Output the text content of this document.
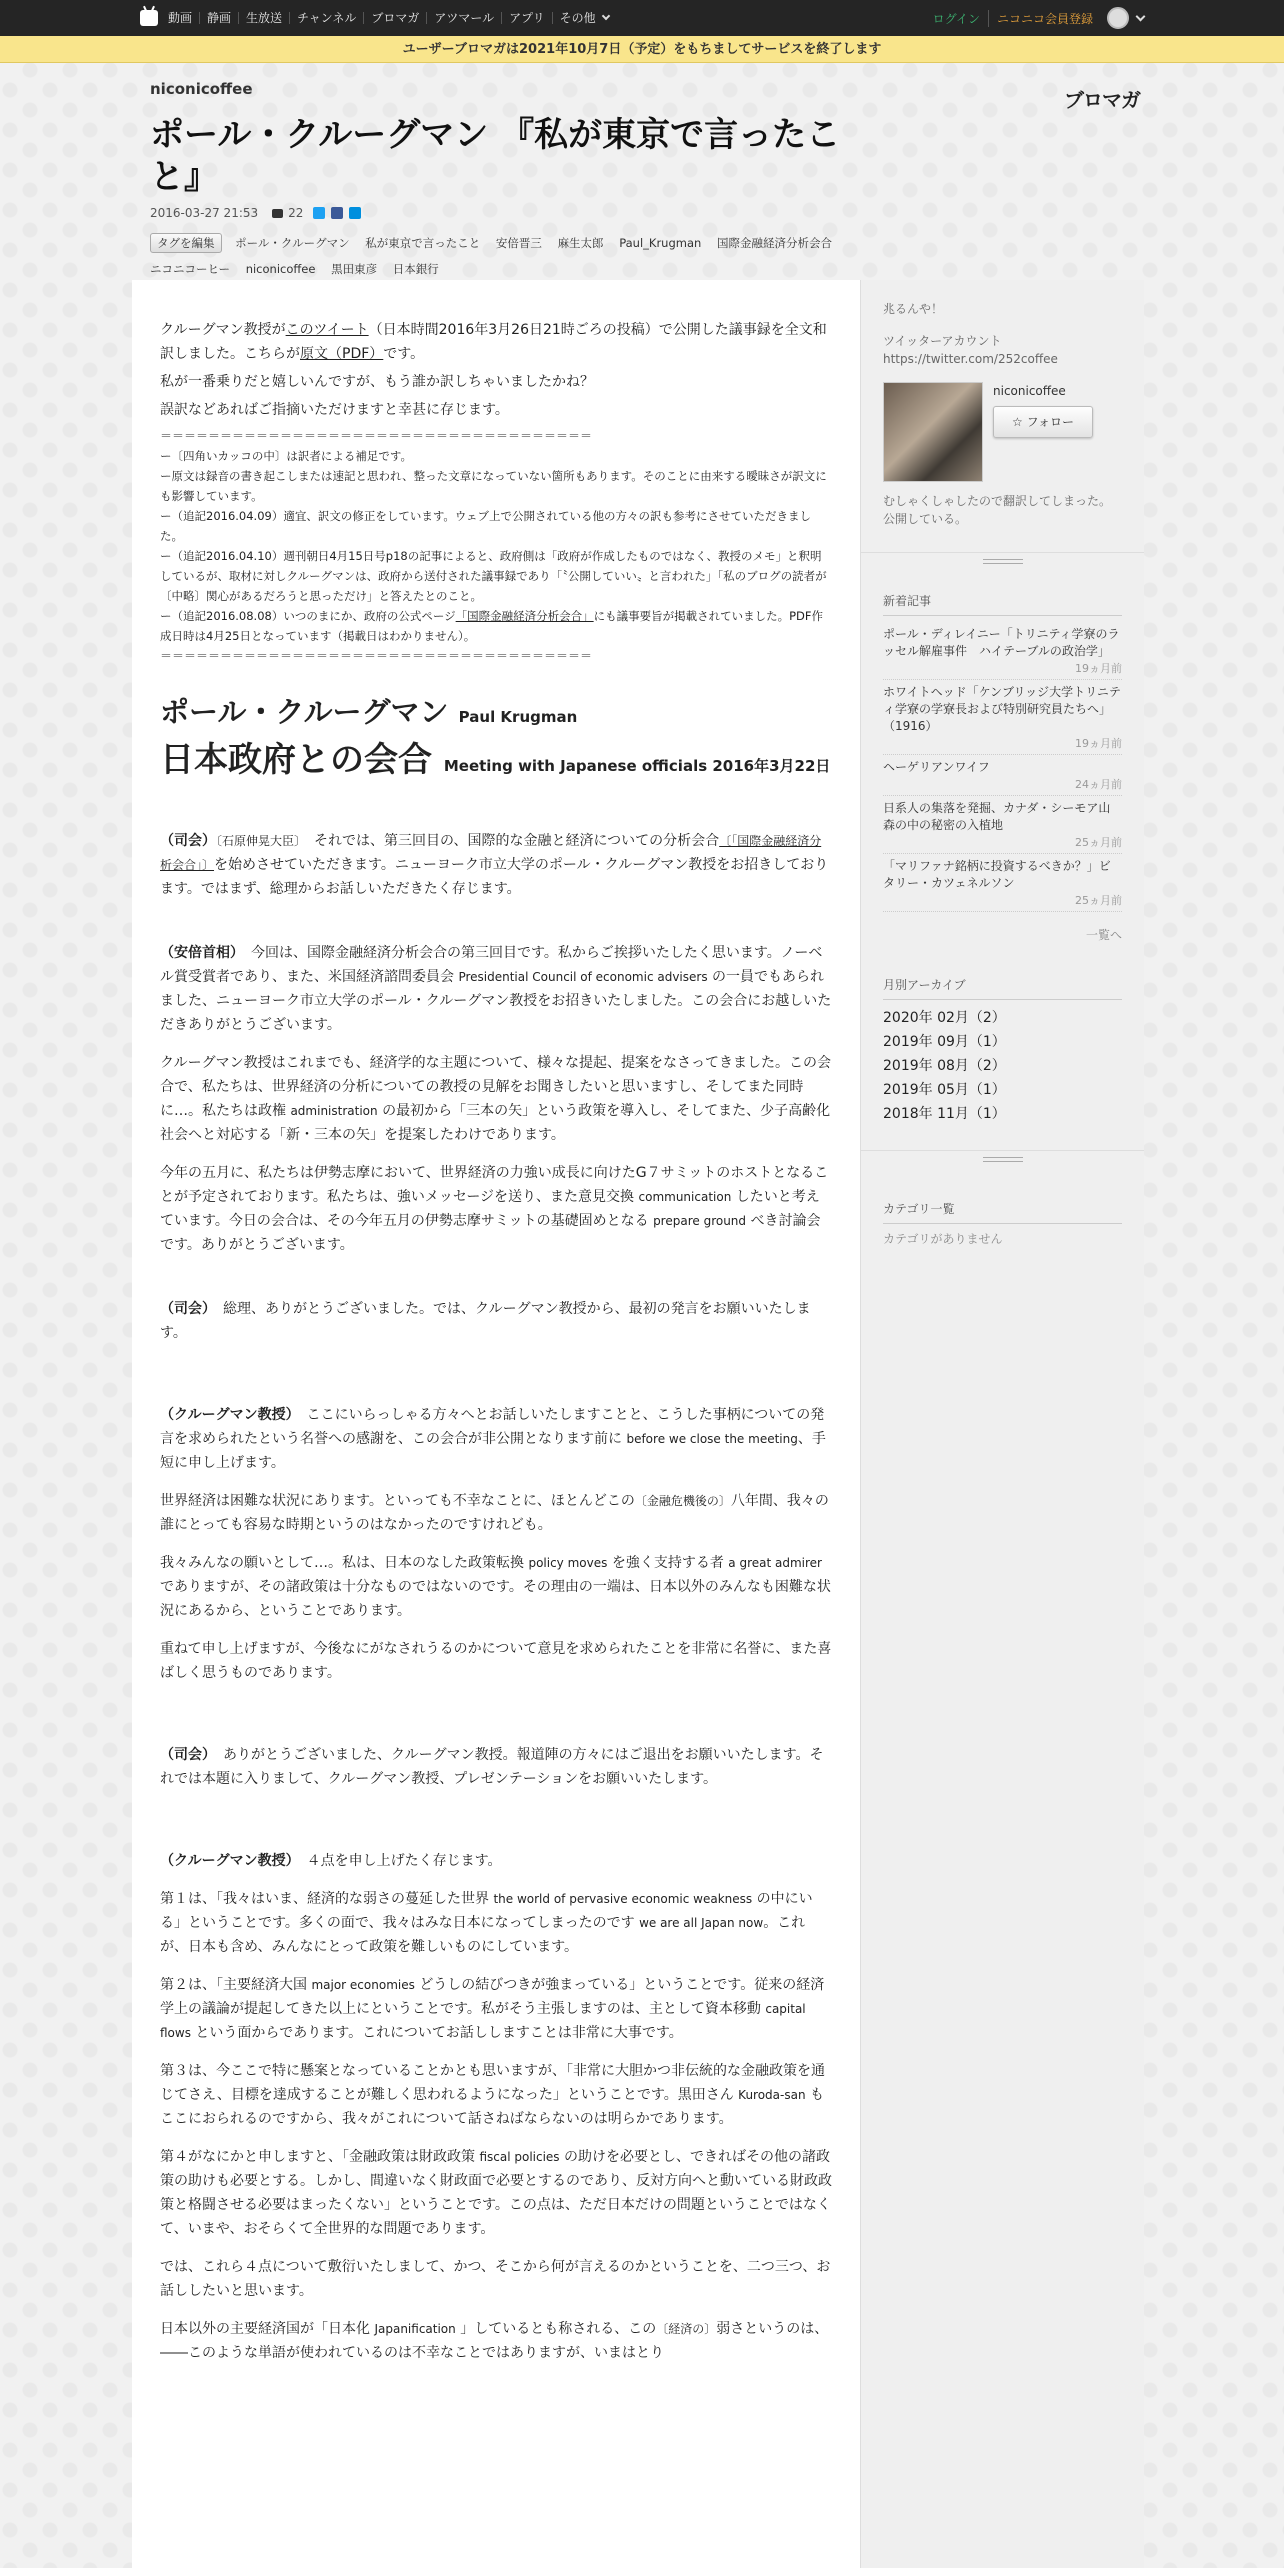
動画	静画	生放送	チャンネル	ブロマガ	アツマール	アプリ	その他	ログイン	ニコニコ会員登録
ユーザーブロマガは2021年10月7日（予定）をもちましてサービスを終了します
niconicoffee	ブロマガ
ポール・クルーグマン 『私が東京で言ったこと』
2016-03-27 21:53	22
タグを編集 ポール・クルーグマン 私が東京で言ったこと 安倍晋三 麻生太郎 Paul_Krugman 国際金融経済分析会合
ニコニコーヒー niconicoffee 黒田東彦 日本銀行

クルーグマン教授がこのツイート（日本時間2016年3月26日21時ごろの投稿）で公開した議事録を全文和訳しました。こちらが原文（PDF）です。

私が一番乗りだと嬉しいんですが、もう誰か訳しちゃいましたかね？

誤訳などあればご指摘いただけますと幸甚に存じます。

＝＝＝＝＝＝＝＝＝＝＝＝＝＝＝＝＝＝＝＝＝＝＝＝＝＝＝＝＝＝＝＝＝＝＝＝
ー〔四角いカッコの中〕は訳者による補足です。
ー原文は録音の書き起こしまたは速記と思われ、整った文章になっていない箇所もあります。そのことに由来する曖昧さが訳文にも影響しています。
ー（追記2016.04.09）適宜、訳文の修正をしています。ウェブ上で公開されている他の方々の訳も参考にさせていただきました。
ー（追記2016.04.10）週刊朝日4月15日号p18の記事によると、政府側は「政府が作成したものではなく、教授のメモ」と釈明しているが、取材に対しクルーグマンは、政府から送付された議事録であり「〝公開していい〟と言われた」「私のブログの読者が〔中略〕関心があるだろうと思っただけ」と答えたとのこと。
ー（追記2016.08.08）いつのまにか、政府の公式ページ「国際金融経済分析会合」にも議事要旨が掲載されていました。PDF作成日時は4月25日となっています（掲載日はわかりません）。
＝＝＝＝＝＝＝＝＝＝＝＝＝＝＝＝＝＝＝＝＝＝＝＝＝＝＝＝＝＝＝＝＝＝＝＝
ポール・クルーグマン Paul Krugman
日本政府との会合 Meeting with Japanese officials 2016年3月22日

（司会）〔石原伸晃大臣〕　それでは、第三回目の、国際的な金融と経済についての分析会合〔「国際金融経済分析会合」〕を始めさせていただきます。ニューヨーク市立大学のポール・クルーグマン教授をお招きしております。ではまず、総理からお話しいただきたく存じます。

（安倍首相）　今回は、国際金融経済分析会合の第三回目です。私からご挨拶いたしたく思います。ノーベル賞受賞者であり、また、米国経済諮問委員会 Presidential Council of economic advisers の一員でもあられました、ニューヨーク市立大学のポール・クルーグマン教授をお招きいたしました。この会合にお越しいただきありがとうございます。

クルーグマン教授はこれまでも、経済学的な主題について、様々な提起、提案をなさってきました。この会合で、私たちは、世界経済の分析についての教授の見解をお聞きしたいと思いますし、そしてまた同時に…。私たちは政権 administration の最初から「三本の矢」という政策を導入し、そしてまた、少子高齢化社会へと対応する「新・三本の矢」を提案したわけであります。

今年の五月に、私たちは伊勢志摩において、世界経済の力強い成長に向けたG７サミットのホストとなることが予定されております。私たちは、強いメッセージを送り、また意見交換 communication したいと考えています。今日の会合は、その今年五月の伊勢志摩サミットの基礎固めとなる prepare ground べき討論会です。ありがとうございます。

（司会）　総理、ありがとうございました。では、クルーグマン教授から、最初の発言をお願いいたします。

（クルーグマン教授）　ここにいらっしゃる方々へとお話しいたしますことと、こうした事柄についての発言を求められたという名誉への感謝を、この会合が非公開となります前に before we close the meeting、手短に申し上げます。

世界経済は困難な状況にあります。といっても不幸なことに、ほとんどこの〔金融危機後の〕八年間、我々の誰にとっても容易な時期というのはなかったのですけれども。

我々みんなの願いとして…。私は、日本のなした政策転換 policy moves を強く支持する者 a great admirer でありますが、その諸政策は十分なものではないのです。その理由の一端は、日本以外のみんなも困難な状況にあるから、ということであります。

重ねて申し上げますが、今後なにがなされうるのかについて意見を求められたことを非常に名誉に、また喜ばしく思うものであります。

（司会）　ありがとうございました、クルーグマン教授。報道陣の方々にはご退出をお願いいたします。それでは本題に入りまして、クルーグマン教授、プレゼンテーションをお願いいたします。

（クルーグマン教授）　４点を申し上げたく存じます。

第１は、「我々はいま、経済的な弱さの蔓延した世界 the world of pervasive economic weakness の中にいる」ということです。多くの面で、我々はみな日本になってしまったのです we are all Japan now。これが、日本も含め、みんなにとって政策を難しいものにしています。

第２は、「主要経済大国 major economies どうしの結びつきが強まっている」ということです。従来の経済学上の議論が提起してきた以上にということです。私がそう主張しますのは、主として資本移動 capital flows という面からであります。これについてお話ししますことは非常に大事です。

第３は、今ここで特に懸案となっていることかとも思いますが、「非常に大胆かつ非伝統的な金融政策を通じてさえ、目標を達成することが難しく思われるようになった」ということです。黒田さん Kuroda-san もここにおられるのですから、我々がこれについて話さねばならないのは明らかであります。

第４がなにかと申しますと、「金融政策は財政政策 fiscal policies の助けを必要とし、できればその他の諸政策の助けも必要とする。しかし、間違いなく財政面で必要とするのであり、反対方向へと動いている財政政策と格闘させる必要はまったくない」ということです。この点は、ただ日本だけの問題ということではなくて、いまや、おそらくて全世界的な問題であります。

では、これら４点について敷衍いたしまして、かつ、そこから何が言えるのかということを、二つ三つ、お話ししたいと思います。

日本以外の主要経済国が「日本化 Japanification 」しているとも称される、この〔経済の〕弱さというのは、――このような単語が使われているのは不幸なことではありますが、いまはとり

兆るんや！
ツイッターアカウント https://twitter.com/252coffee
niconicoffee
☆ フォロー
むしゃくしゃしたので翻訳してしまった。公開している。
新着記事
ポール・ディレイニー「トリニティ学寮のラッセル解雇事件　ハイテーブルの政治学」
19ヵ月前
ホワイトヘッド「ケンブリッジ大学トリニティ学寮の学寮長および特別研究員たちへ」（1916）
19ヵ月前
ヘーゲリアンワイフ
24ヵ月前
日系人の集落を発掘、カナダ・シーモア山森の中の秘密の入植地
25ヵ月前
「マリファナ銘柄に投資するべきか？」ビタリー・カツェネルソン
25ヵ月前
一覧へ
月別アーカイブ
2020年 02月（2）
2019年 09月（1）
2019年 08月（2）
2019年 05月（1）
2018年 11月（1）
カテゴリ一覧
カテゴリがありません
